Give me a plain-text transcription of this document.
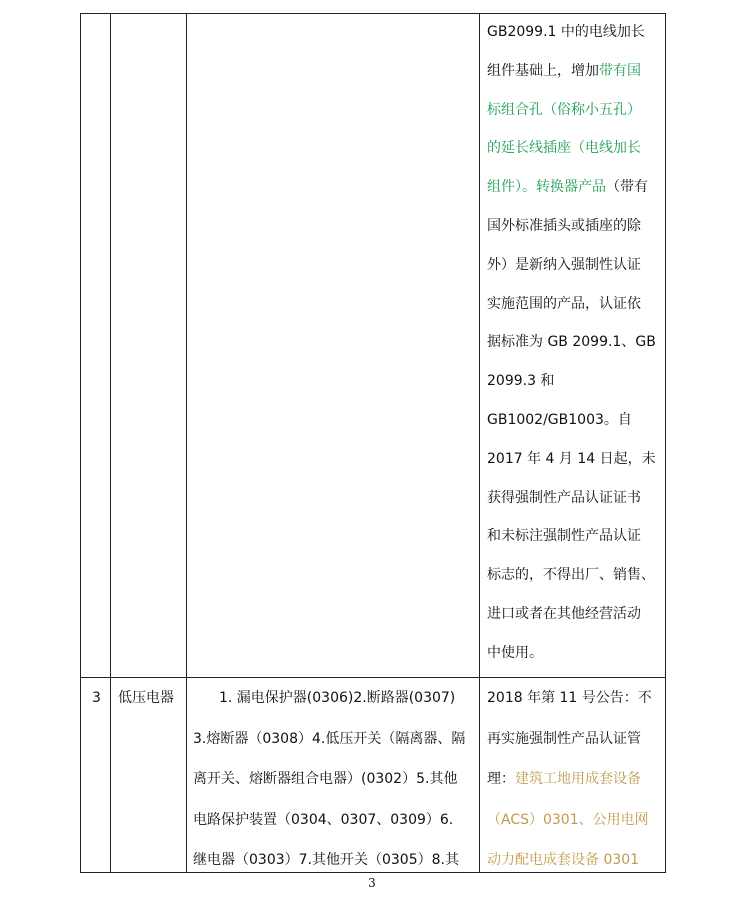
GB2099.1 中的电线加长
组件基础上，增加带有国
标组合孔（俗称小五孔）
的延长线插座（电线加长
组件）。转换器产品（带有
国外标准插头或插座的除
外）是新纳入强制性认证
实施范围的产品，认证依
据标准为 GB 2099.1、GB
2099.3 和
GB1002/GB1003。自
2017 年 4 月 14 日起，未
获得强制性产品认证证书
和未标注强制性产品认证
标志的，不得出厂、销售、
进口或者在其他经营活动
中使用。
3 低压电器	1. 漏电保护器(0306)2.断路器(0307)
3.熔断器（0308）4.低压开关（隔离器、隔
离开关、熔断器组合电器）(0302）5.其他
电路保护装置（0304、0307、0309）6.
继电器（0303）7.其他开关（0305）8.其
2018 年第 11 号公告：不
再实施强制性产品认证管
理：建筑工地用成套设备
（ACS）0301、公用电网
动力配电成套设备 0301
3
